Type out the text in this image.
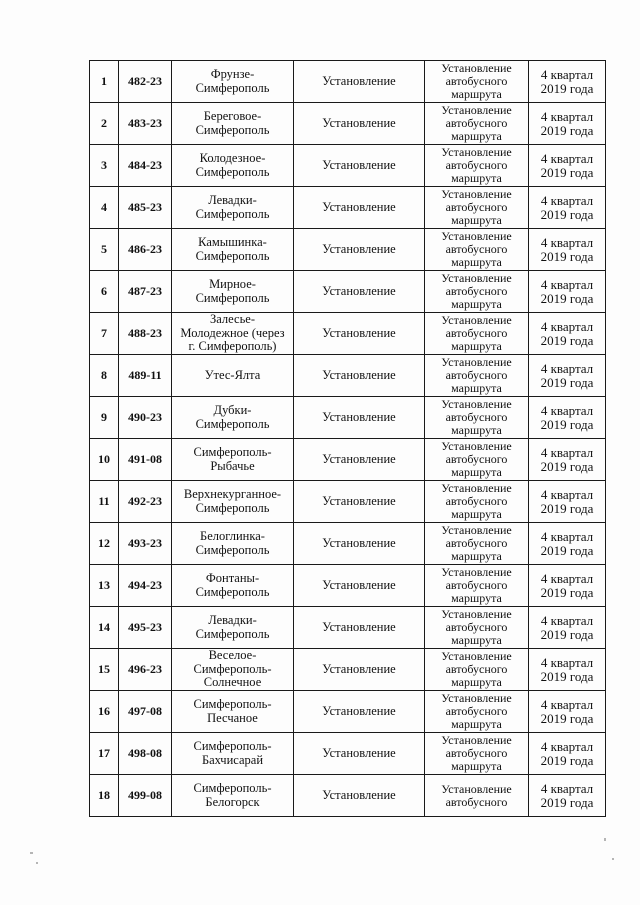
1	482-23	Фрунзе-
Симферополь	Установление	Установление
автобусного
маршрута	4 квартал
2019 года
2	483-23	Береговое-
Симферополь	Установление	Установление
автобусного
маршрута	4 квартал
2019 года
3	484-23	Колодезное-
Симферополь	Установление	Установление
автобусного
маршрута	4 квартал
2019 года
4	485-23	Левадки-
Симферополь	Установление	Установление
автобусного
маршрута	4 квартал
2019 года
5	486-23	Камышинка-
Симферополь	Установление	Установление
автобусного
маршрута	4 квартал
2019 года
6	487-23	Мирное-
Симферополь	Установление	Установление
автобусного
маршрута	4 квартал
2019 года
7	488-23	Залесье-
Молодежное (через
г. Симферополь)	Установление	Установление
автобусного
маршрута	4 квартал
2019 года
8	489-11	Утес-Ялта	Установление	Установление
автобусного
маршрута	4 квартал
2019 года
9	490-23	Дубки-
Симферополь	Установление	Установление
автобусного
маршрута	4 квартал
2019 года
10	491-08	Симферополь-
Рыбачье	Установление	Установление
автобусного
маршрута	4 квартал
2019 года
11	492-23	Верхнекурганное-
Симферополь	Установление	Установление
автобусного
маршрута	4 квартал
2019 года
12	493-23	Белоглинка-
Симферополь	Установление	Установление
автобусного
маршрута	4 квартал
2019 года
13	494-23	Фонтаны-
Симферополь	Установление	Установление
автобусного
маршрута	4 квартал
2019 года
14	495-23	Левадки-
Симферополь	Установление	Установление
автобусного
маршрута	4 квартал
2019 года
15	496-23	Веселое-
Симферополь-
Солнечное	Установление	Установление
автобусного
маршрута	4 квартал
2019 года
16	497-08	Симферополь-
Песчаное	Установление	Установление
автобусного
маршрута	4 квартал
2019 года
17	498-08	Симферополь-
Бахчисарай	Установление	Установление
автобусного
маршрута	4 квартал
2019 года
18	499-08	Симферополь-
Белогорск	Установление	Установление
автобусного	4 квартал
2019 года
